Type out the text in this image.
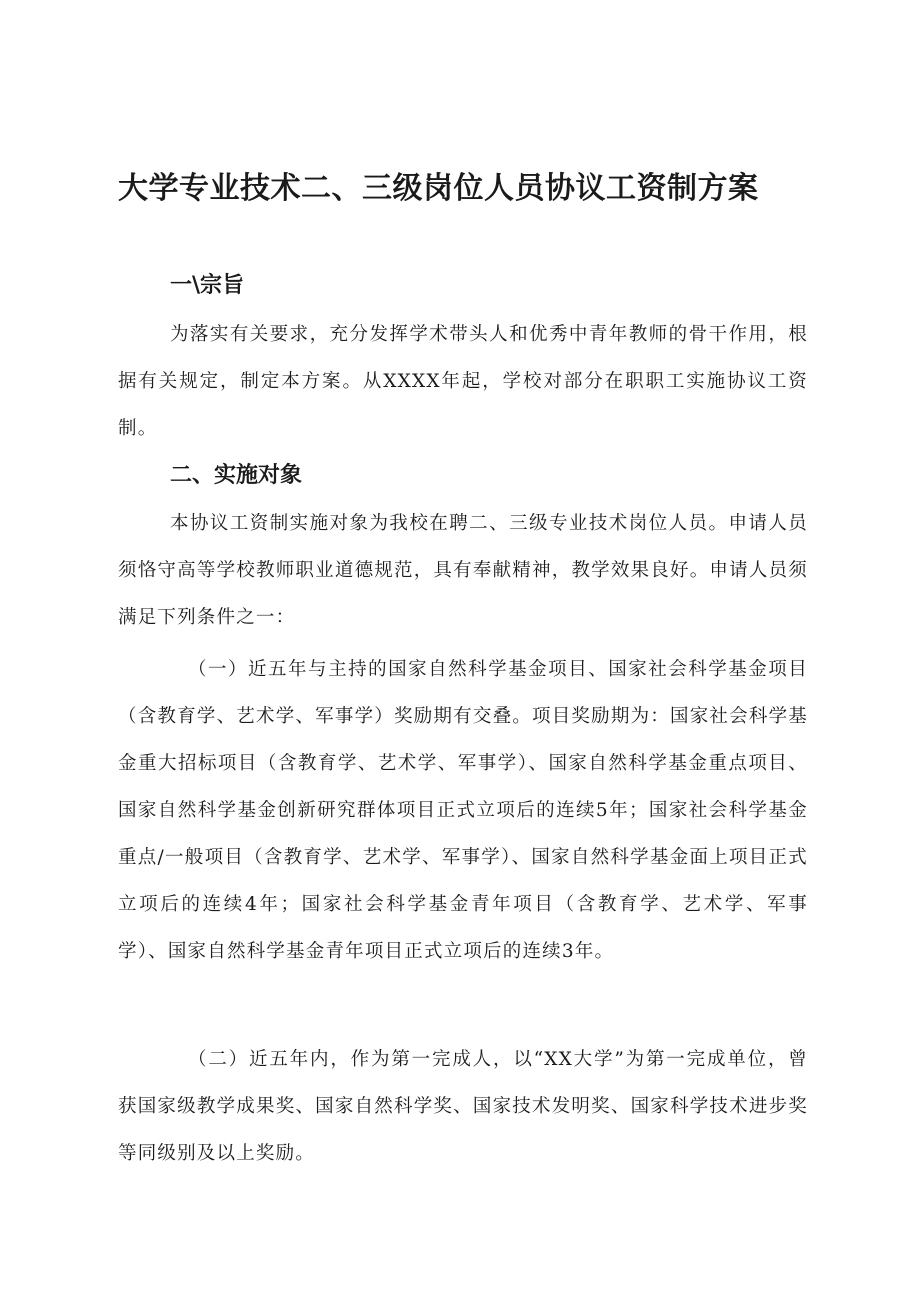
大学专业技术二、三级岗位人员协议工资制方案
一\宗旨

为落实有关要求，充分发挥学术带头人和优秀中青年教师的骨干作用，根据有关规定，制定本方案。从XXXX年起，学校对部分在职职工实施协议工资制。

二、实施对象

本协议工资制实施对象为我校在聘二、三级专业技术岗位人员。申请人员须恪守高等学校教师职业道德规范，具有奉献精神，教学效果良好。申请人员须满足下列条件之一：

（一）近五年与主持的国家自然科学基金项目、国家社会科学基金项目（含教育学、艺术学、军事学）奖励期有交叠。项目奖励期为：国家社会科学基金重大招标项目（含教育学、艺术学、军事学）、国家自然科学基金重点项目、国家自然科学基金创新研究群体项目正式立项后的连续5年；国家社会科学基金重点/一般项目（含教育学、艺术学、军事学）、国家自然科学基金面上项目正式立项后的连续4年；国家社会科学基金青年项目（含教育学、艺术学、军事学）、国家自然科学基金青年项目正式立项后的连续3年。

（二）近五年内，作为第一完成人，以“XX大学”为第一完成单位，曾获国家级教学成果奖、国家自然科学奖、国家技术发明奖、国家科学技术进步奖等同级别及以上奖励。
